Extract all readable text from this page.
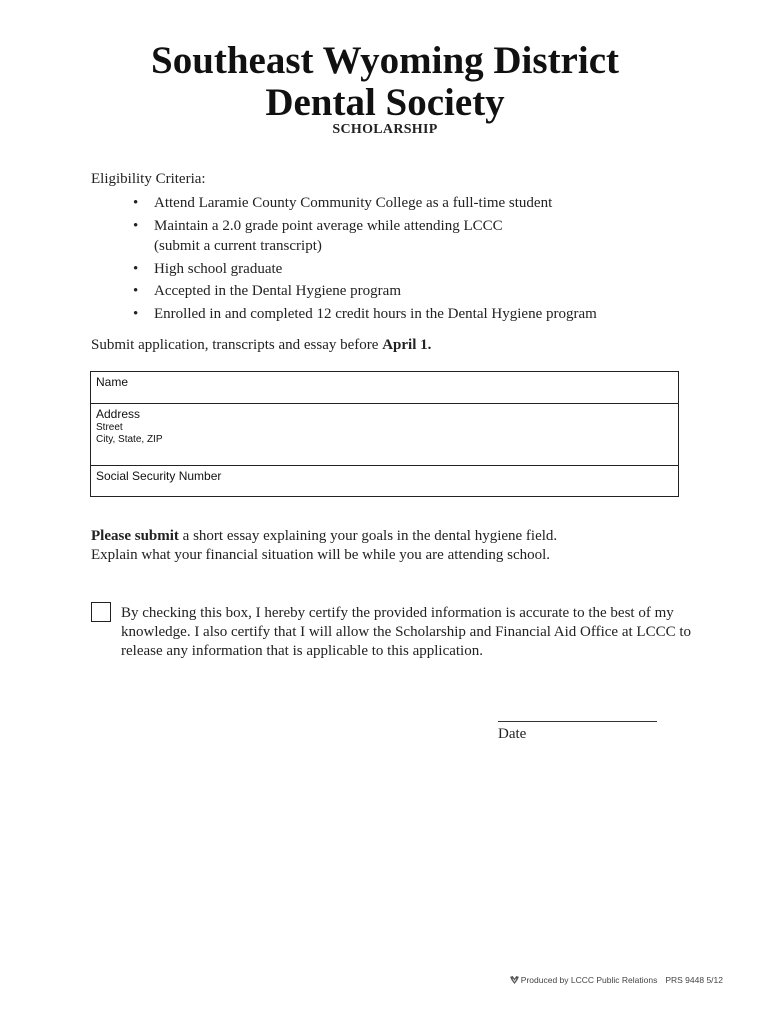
Southeast Wyoming District
Dental Society
SCHOLARSHIP
Eligibility Criteria:
• Attend Laramie County Community College as a full-time student
• Maintain a 2.0 grade point average while attending LCCC
(submit a current transcript)
• High school graduate
• Accepted in the Dental Hygiene program
• Enrolled in and completed 12 credit hours in the Dental Hygiene program
Submit application, transcripts and essay before April 1.
Name
Address
Street
City, State, ZIP
Social Security Number
Please submit a short essay explaining your goals in the dental hygiene field.
Explain what your financial situation will be while you are attending school.
By checking this box, I hereby certify the provided information is accurate to the best of my knowledge. I also certify that I will allow the Scholarship and Financial Aid Office at LCCC to release any information that is applicable to this application.
Date
Produced by LCCC Public Relations PRS 9448 5/12
